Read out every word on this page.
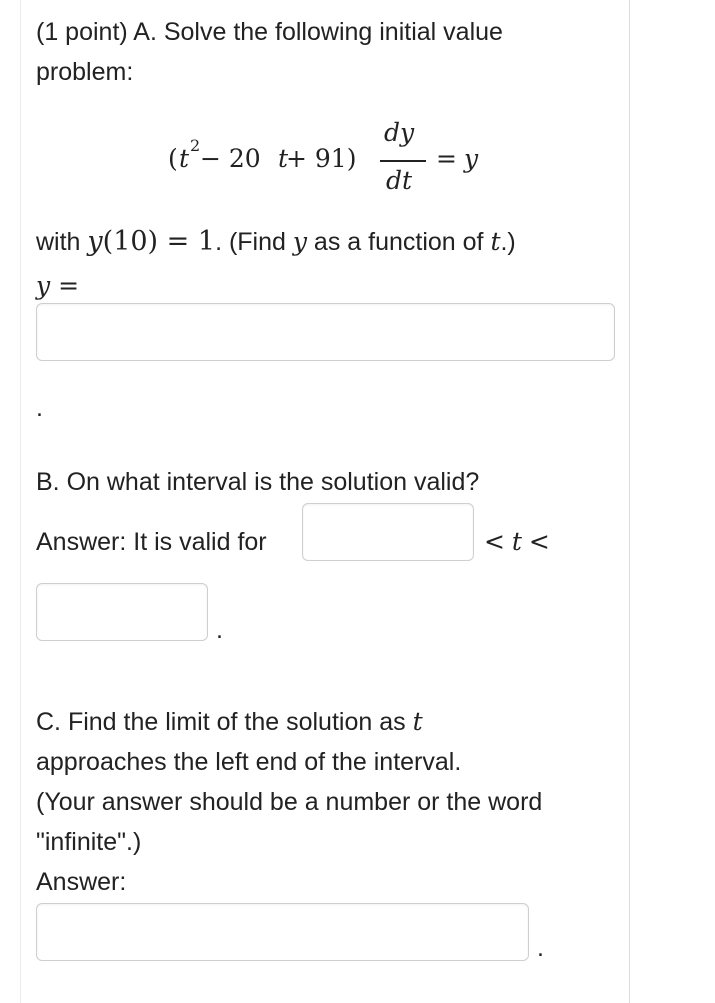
(1 point) A. Solve the following initial value
problem:
( t $^2$ − 20 t
+ 91)
dy
dt
= y
with y(10) = 1. (Find y as a function of t.)
y =
.
B. On what interval is the solution valid?
Answer: It is valid for	< t <
.
C. Find the limit of the solution as t
approaches the left end of the interval.
(Your answer should be a number or the word
"infinite".)
Answer:
.
